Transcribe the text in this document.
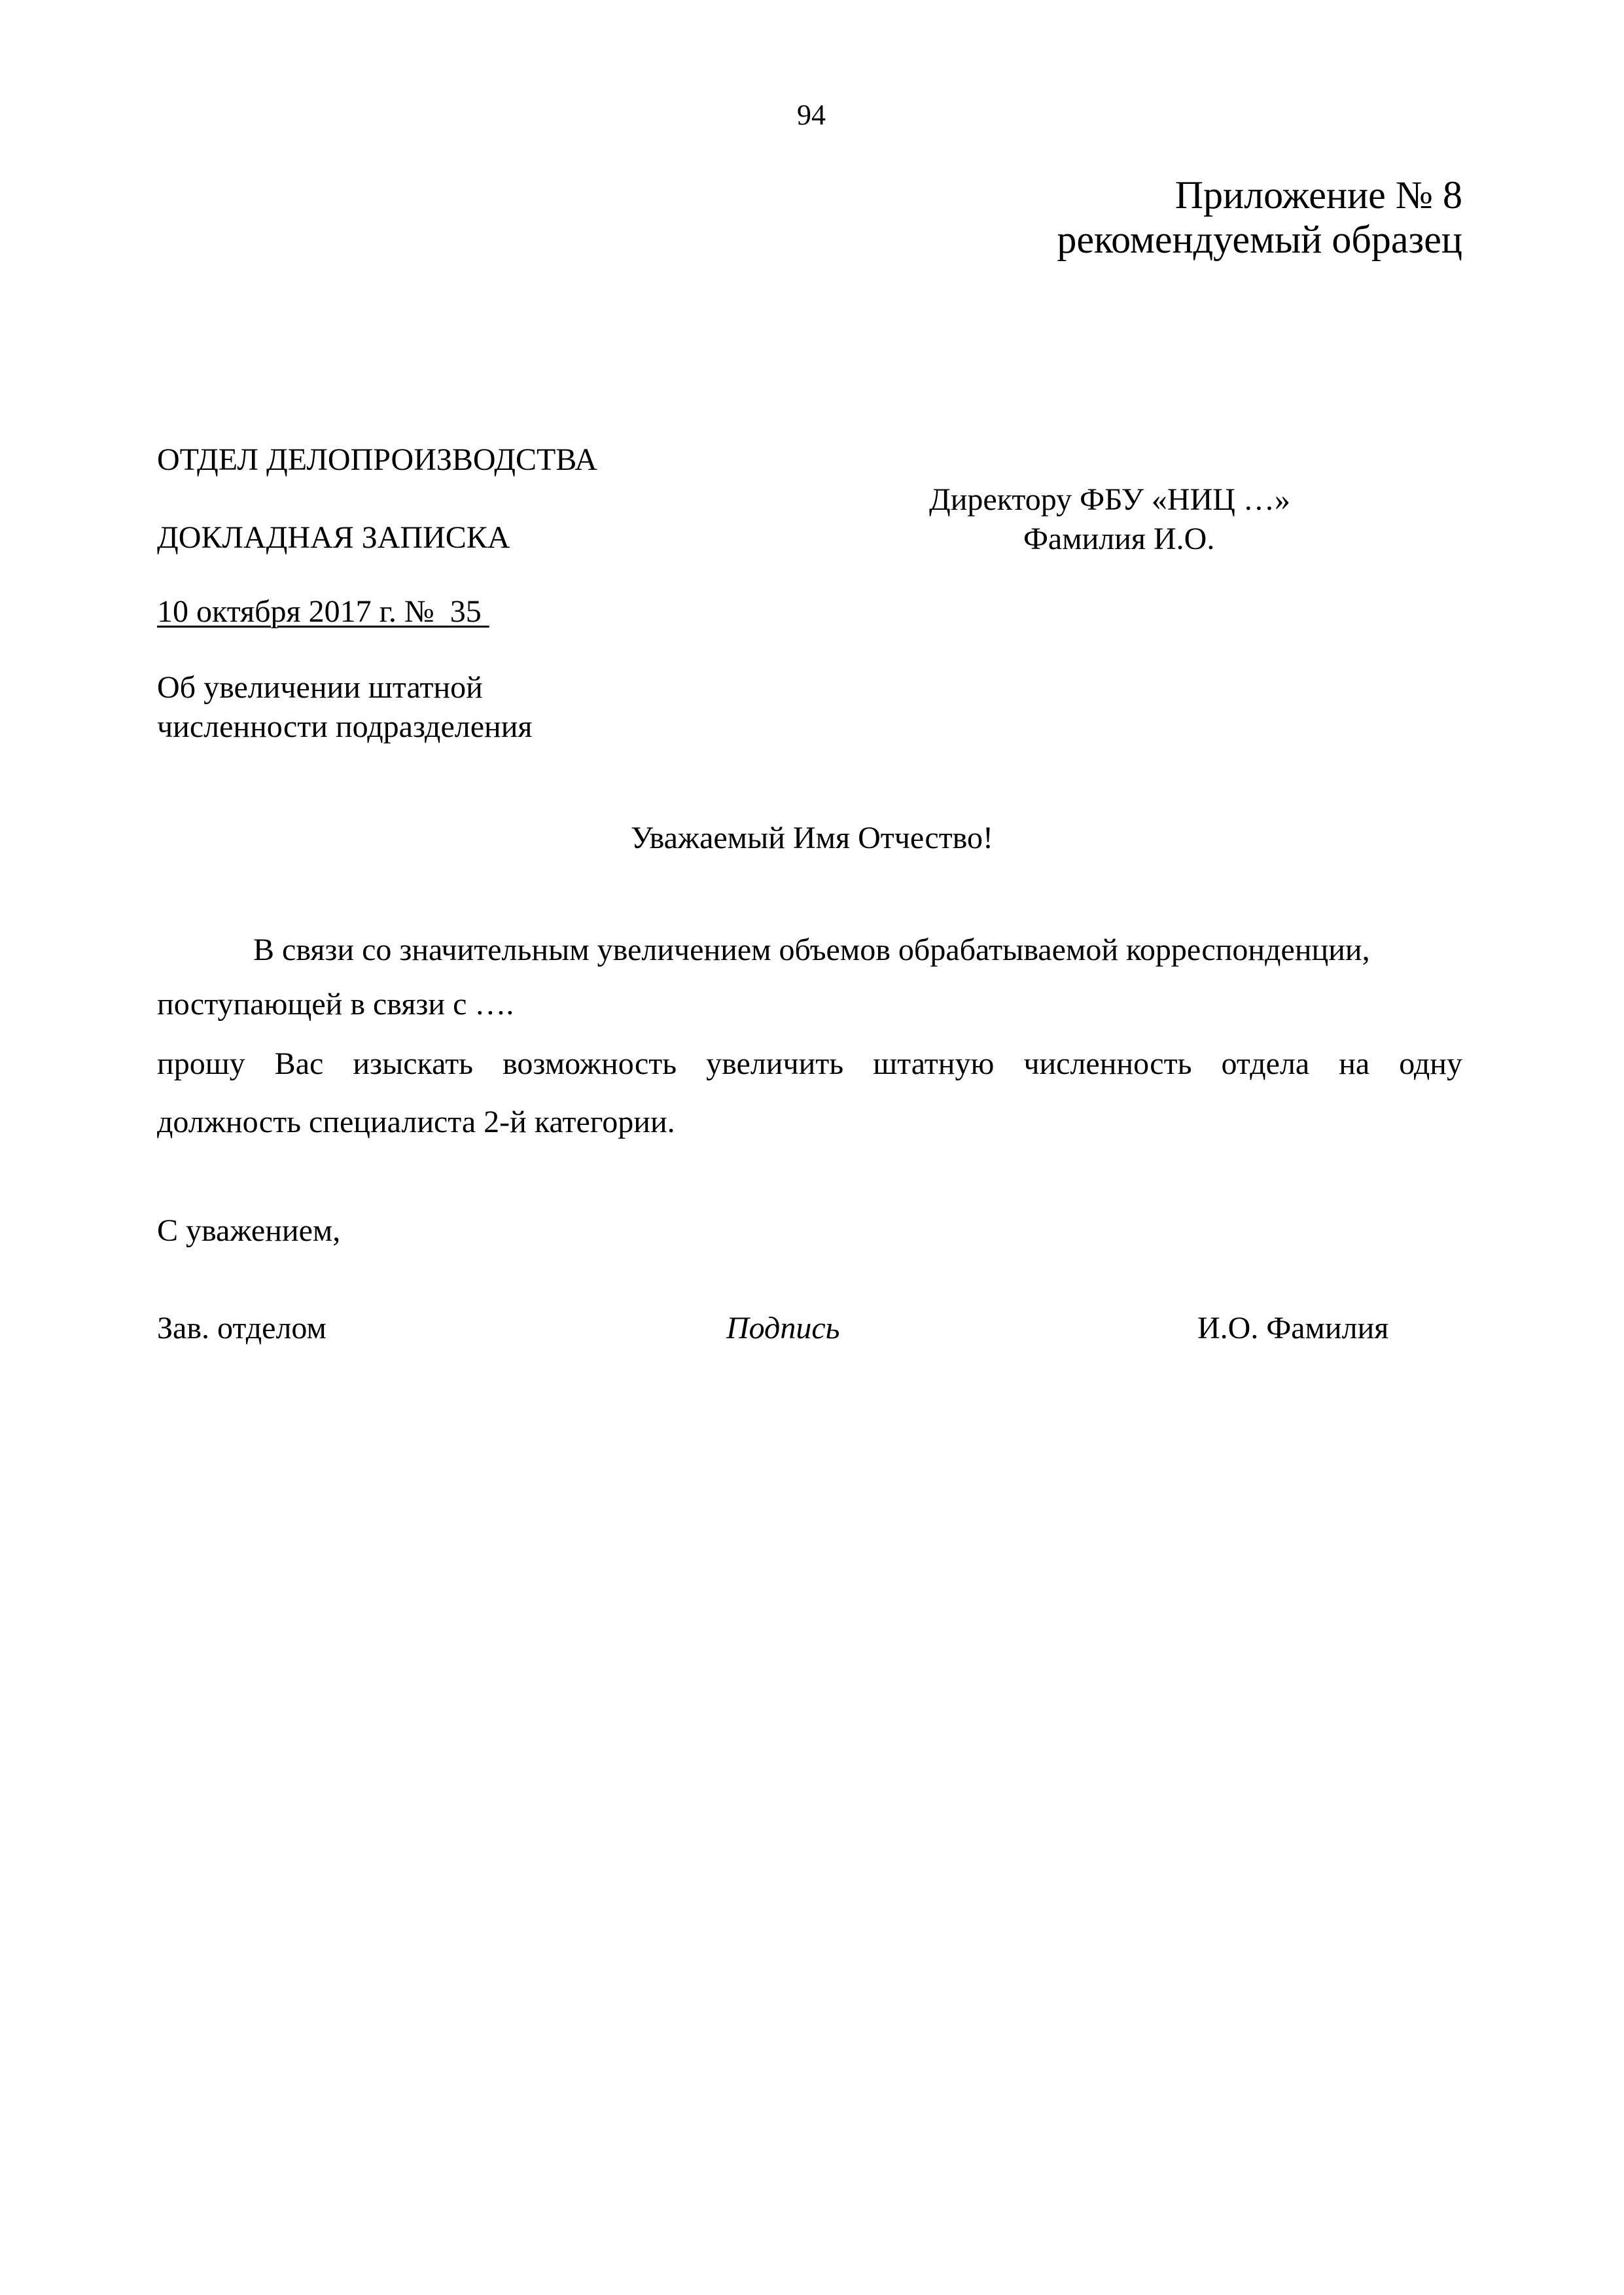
94
Приложение № 8
рекомендуемый образец
ОТДЕЛ ДЕЛОПРОИЗВОДСТВА
Директору ФБУ «НИЦ …»
Фамилия И.О.
ДОКЛАДНАЯ ЗАПИСКА
10 октября 2017 г. № 35
Об увеличении штатной
численности подразделения
Уважаемый Имя Отчество!
В связи со значительным увеличением объемов обрабатываемой корреспонденции,
поступающей в связи с ….
прошу Вас изыскать возможность увеличить штатную численность отдела на одну
должность специалиста 2-й категории.
С уважением,
Зав. отделом	Подпись	И.О. Фамилия
